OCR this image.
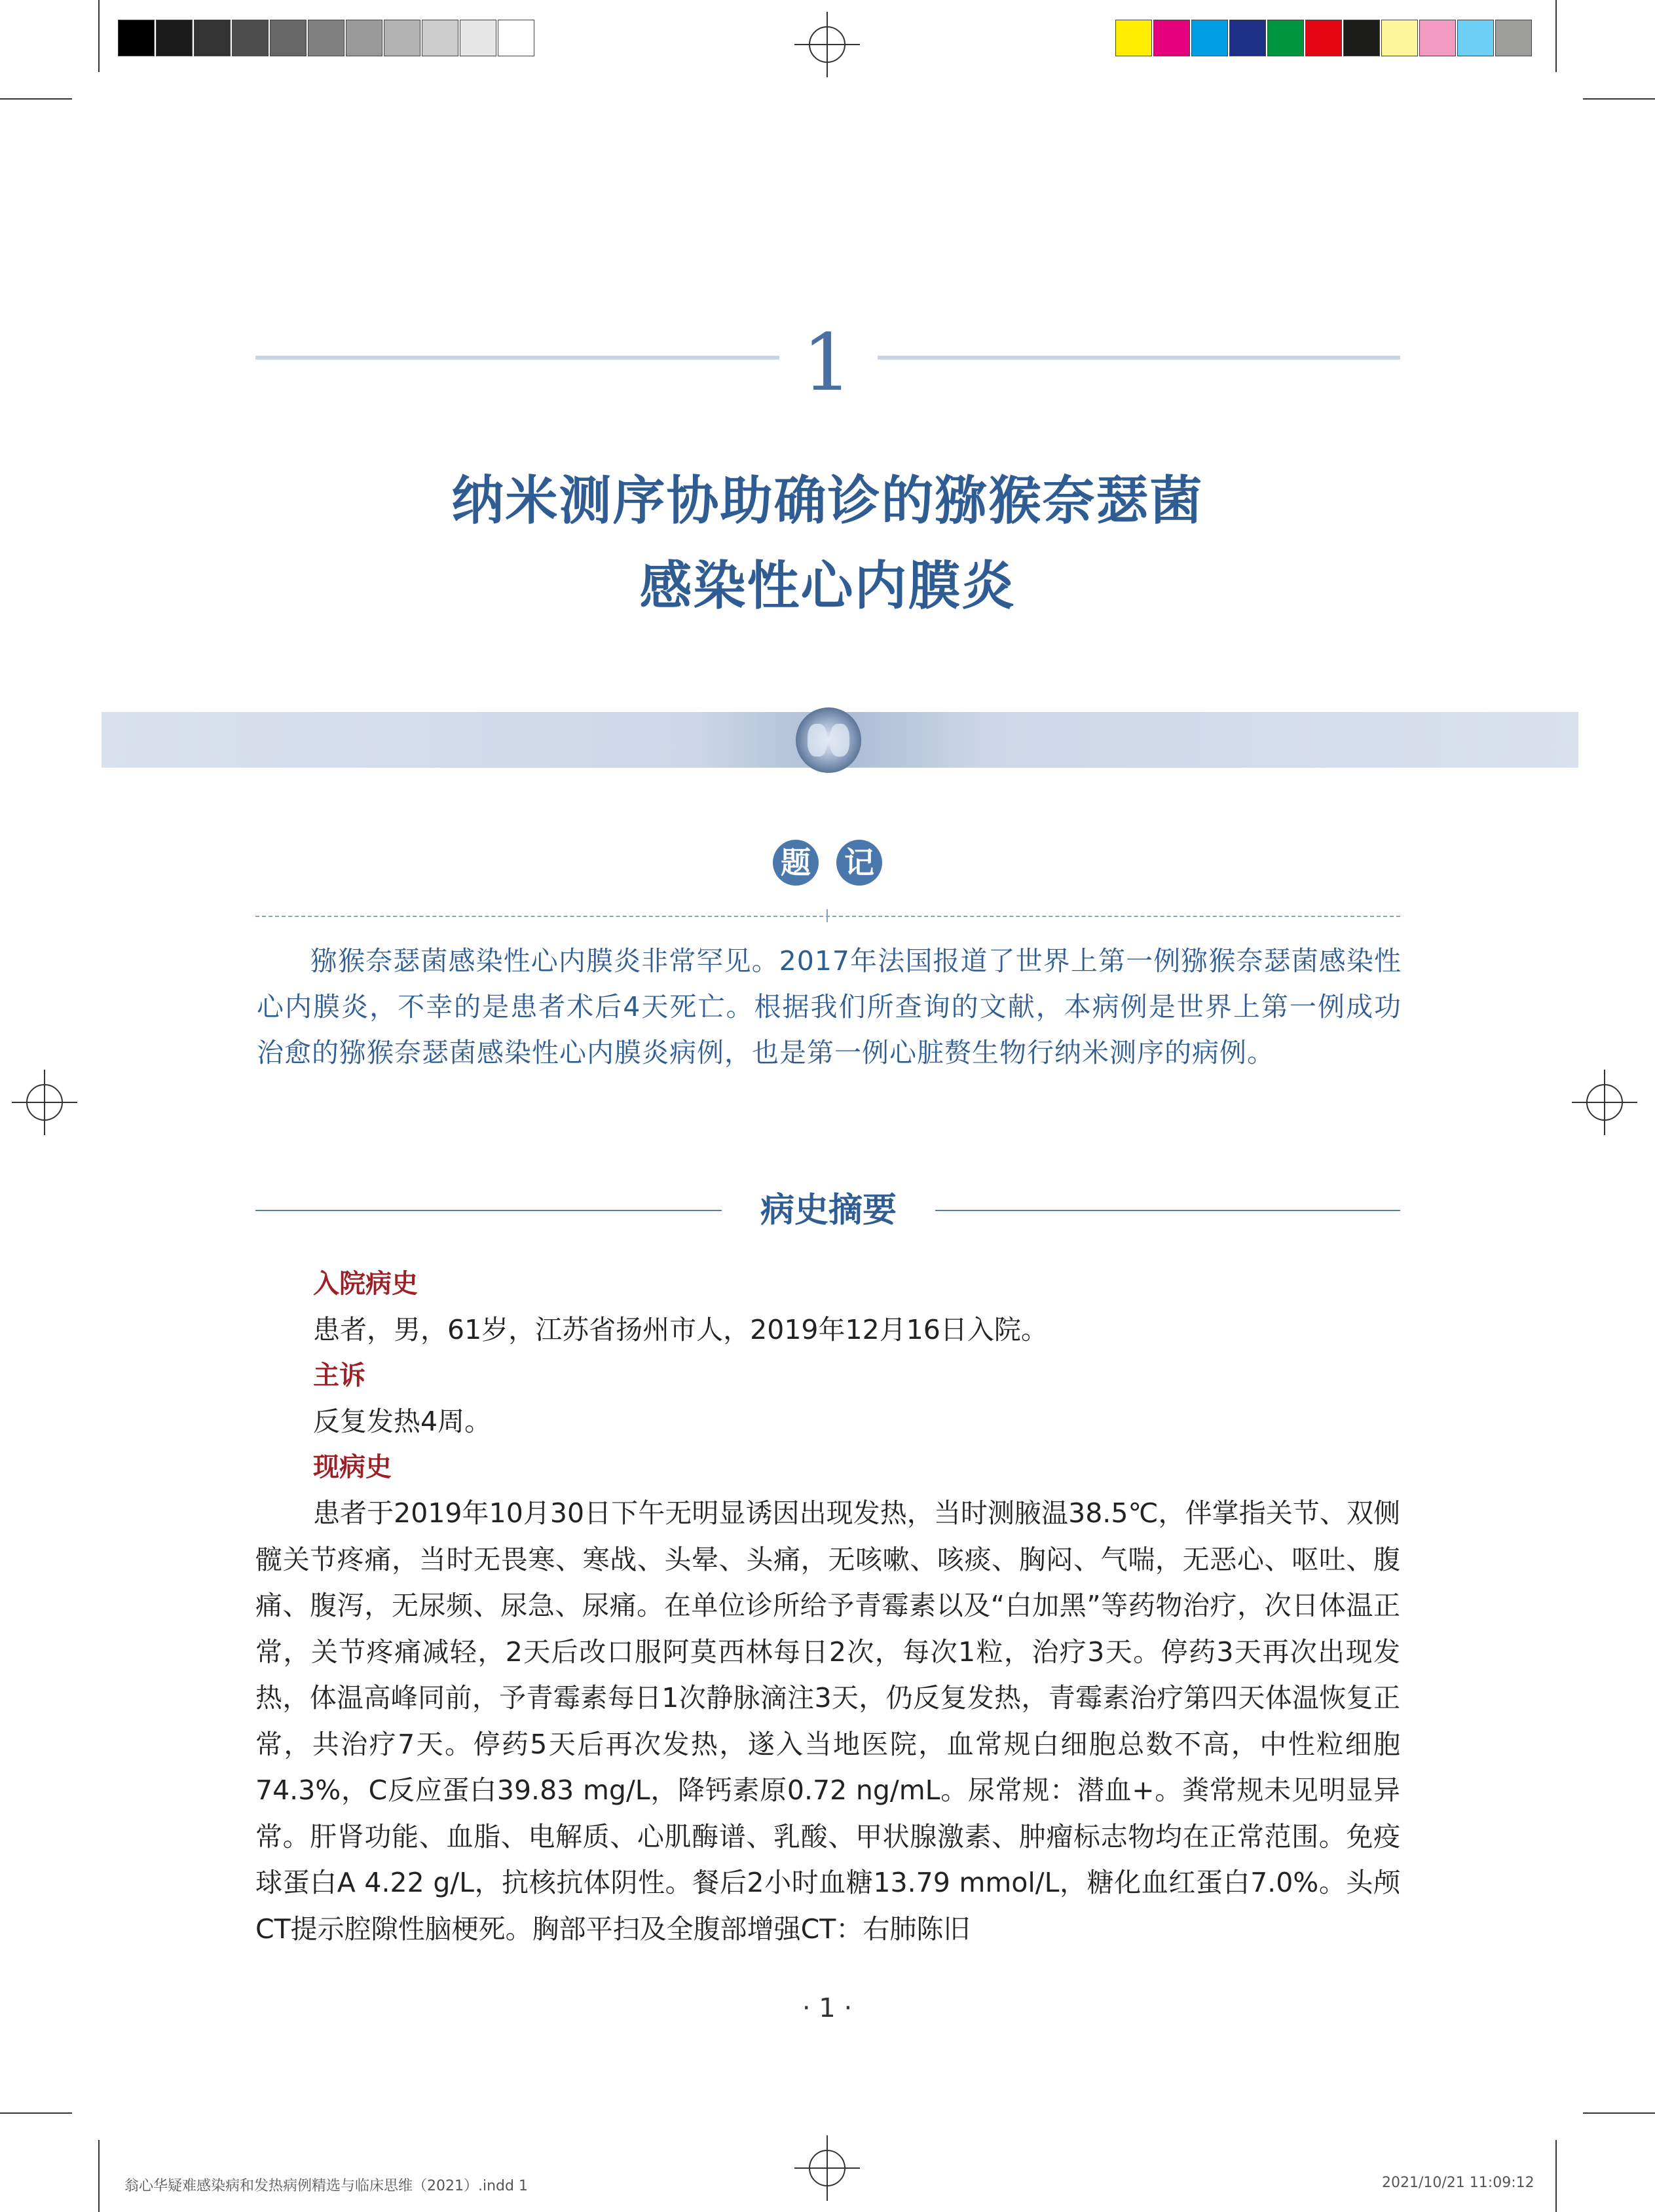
1
纳米测序协助确诊的猕猴奈瑟菌
感染性心内膜炎
题 记

猕猴奈瑟菌感染性心内膜炎非常罕见。2017年法国报道了世界上第一例猕猴奈瑟菌感染性心内膜炎，不幸的是患者术后4天死亡。根据我们所查询的文献，本病例是世界上第一例成功治愈的猕猴奈瑟菌感染性心内膜炎病例，也是第一例心脏赘生物行纳米测序的病例。

病史摘要

入院病史

患者，男，61岁，江苏省扬州市人，2019年12月16日入院。

主诉

反复发热4周。

现病史

患者于2019年10月30日下午无明显诱因出现发热，当时测腋温38.5℃，伴掌指关节、双侧髋关节疼痛，当时无畏寒、寒战、头晕、头痛，无咳嗽、咳痰、胸闷、气喘，无恶心、呕吐、腹痛、腹泻，无尿频、尿急、尿痛。在单位诊所给予青霉素以及“白加黑”等药物治疗，次日体温正常，关节疼痛减轻，2天后改口服阿莫西林每日2次，每次1粒，治疗3天。停药3天再次出现发热，体温高峰同前，予青霉素每日1次静脉滴注3天，仍反复发热，青霉素治疗第四天体温恢复正常，共治疗7天。停药5天后再次发热，遂入当地医院，血常规白细胞总数不高，中性粒细胞74.3%，C反应蛋白39.83 mg/L，降钙素原0.72 ng/mL。尿常规：潜血+。粪常规未见明显异常。肝肾功能、血脂、电解质、心肌酶谱、乳酸、甲状腺激素、肿瘤标志物均在正常范围。免疫球蛋白A 4.22 g/L，抗核抗体阴性。餐后2小时血糖13.79 mmol/L，糖化血红蛋白7.0%。头颅CT提示腔隙性脑梗死。胸部平扫及全腹部增强CT：右肺陈旧

· 1 ·
翁心华疑难感染病和发热病例精选与临床思维（2021）.indd 1	2021/10/21 11:09:12
